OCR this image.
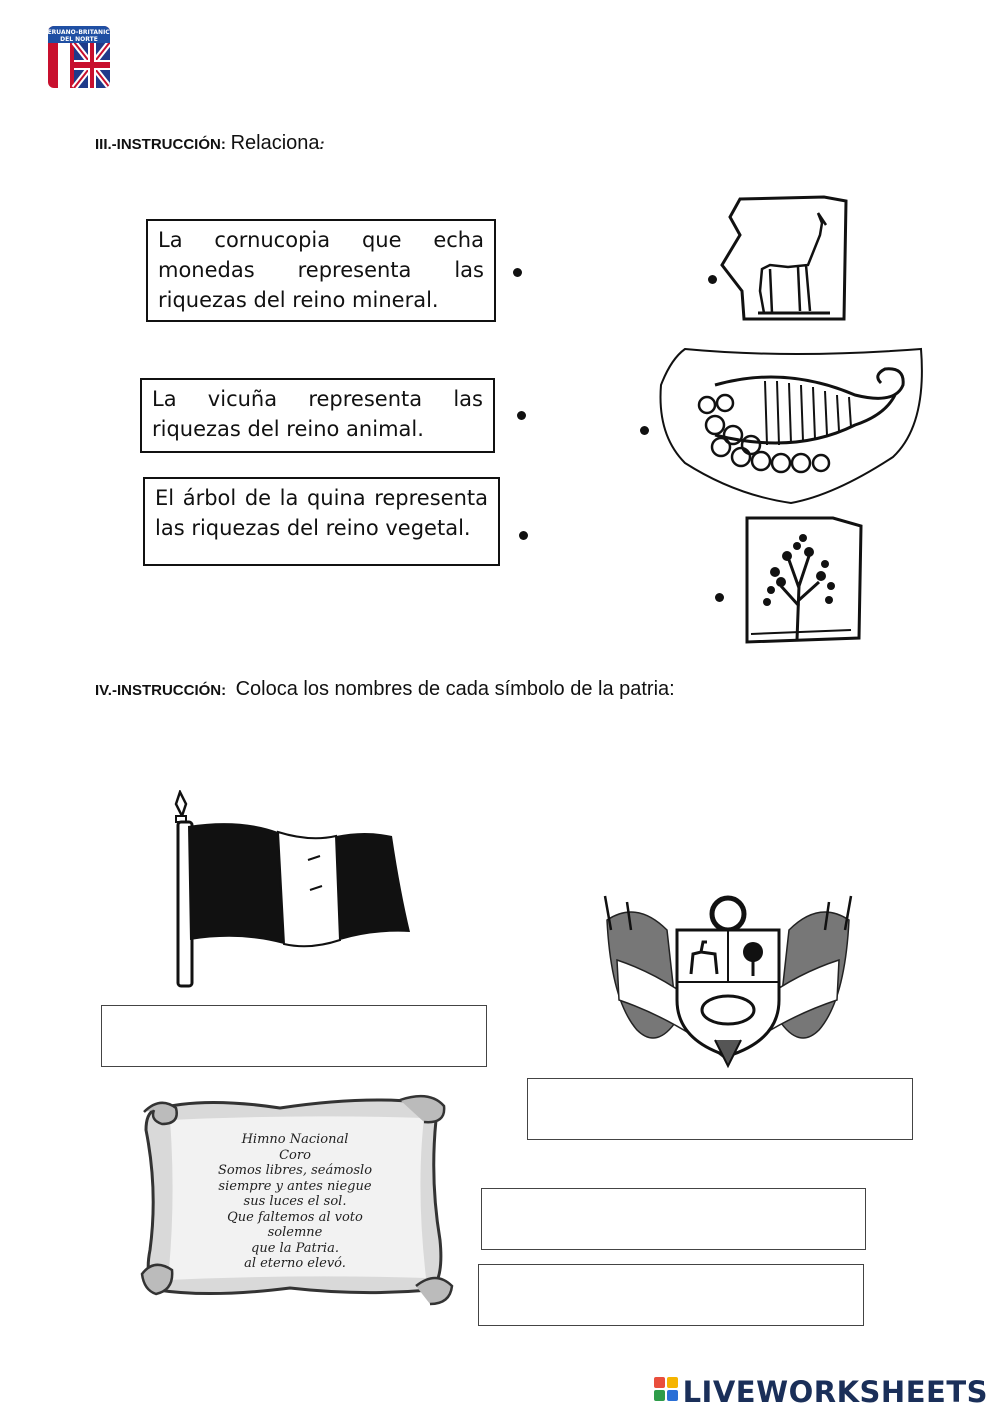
PERUANO-BRITANICO
DEL NORTE
III.-INSTRUCCIÓN: Relaciona:
La cornucopia que echa
monedas representa las
riquezas del reino mineral.
La vicuña representa las
riquezas del reino animal.
El árbol de la quina representa
las riquezas del reino vegetal.
IV.-INSTRUCCIÓN: Coloca los nombres de cada símbolo de la patria:
Himno Nacional
Coro
Somos libres, seámoslo
siempre y antes niegue
sus luces el sol.
Que faltemos al voto
solemne
que la Patria.
al eterno elevó.
LIVEWORKSHEETS
